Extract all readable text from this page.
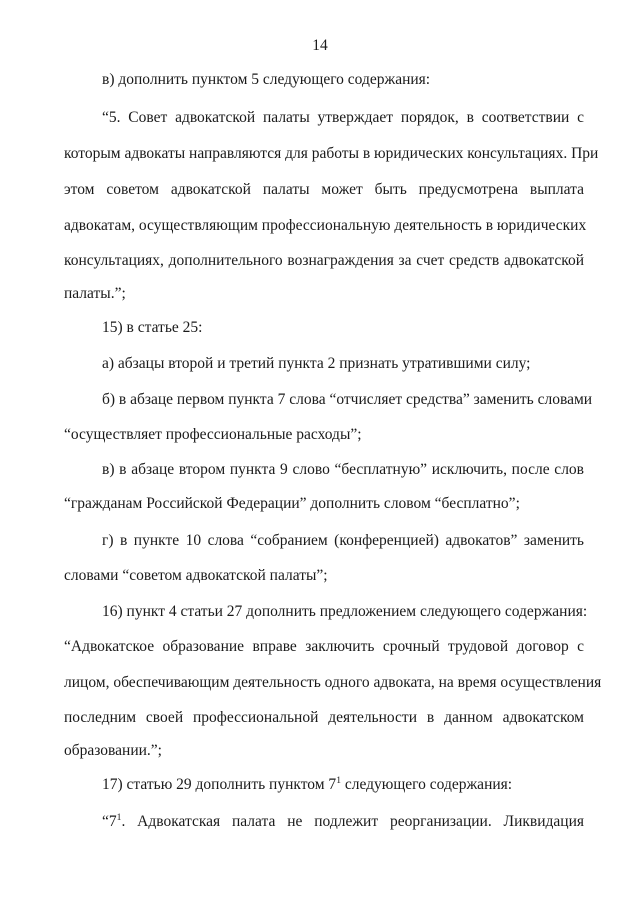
14

в) дополнить пунктом 5 следующего содержания:

“5. Совет адвокатской палаты утверждает порядок, в соответствии с

которым адвокаты направляются для работы в юридических консультациях. При

этом советом адвокатской палаты может быть предусмотрена выплата

адвокатам, осуществляющим профессиональную деятельность в юридических

консультациях, дополнительного вознаграждения за счет средств адвокатской

палаты.”;

15) в статье 25:

а) абзацы второй и третий пункта 2 признать утратившими силу;

б) в абзаце первом пункта 7 слова “отчисляет средства” заменить словами

“осуществляет профессиональные расходы”;

в) в абзаце втором пункта 9 слово “бесплатную” исключить, после слов

“гражданам Российской Федерации” дополнить словом “бесплатно”;

г) в пункте 10 слова “собранием (конференцией) адвокатов” заменить

словами “советом адвокатской палаты”;

16) пункт 4 статьи 27 дополнить предложением следующего содержания:

“Адвокатское образование вправе заключить срочный трудовой договор с

лицом, обеспечивающим деятельность одного адвоката, на время осуществления

последним своей профессиональной деятельности в данном адвокатском

образовании.”;

17) статью 29 дополнить пунктом $7^1$ следующего содержания:

“$7^1$. Адвокатская палата не подлежит реорганизации. Ликвидация
